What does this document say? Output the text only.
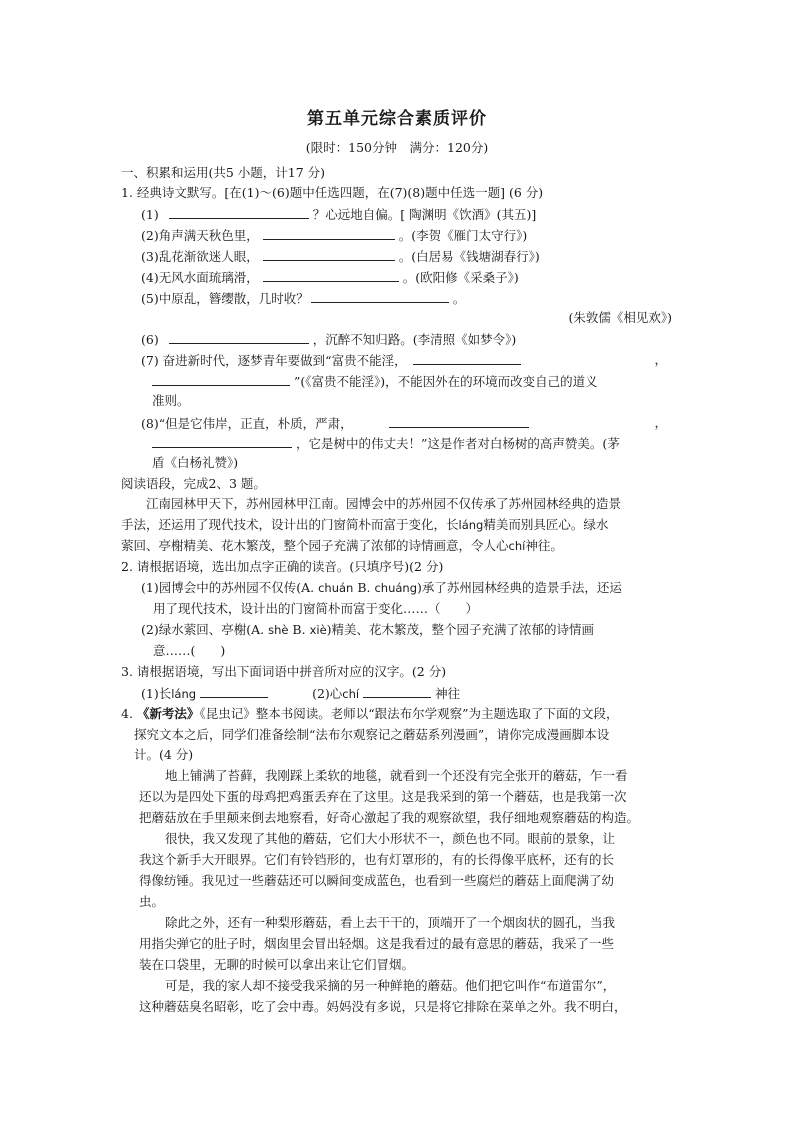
第五单元综合素质评价
(限时：150分钟　满分：120分)
一、积累和运用(共5 小题，计17 分)
1. 经典诗文默写。[在(1)～(6)题中任选四题，在(7)(8)题中任选一题] (6 分)
(1)	？心远地自偏。[ 陶渊明《饮酒》(其五)]
(2)角声满天秋色里，	。(李贺《雁门太守行》)
(3)乱花渐欲迷人眼，	。(白居易《钱塘湖春行》)
(4)无风水面琉璃滑，	。(欧阳修《采桑子》)
(5)中原乱，簪缨散，几时收？	。
(朱敦儒《相见欢》)
(6)	，沉醉不知归路。(李清照《如梦令》)
(7) 奋进新时代，逐梦青年要做到“富贵不能淫，	，
”(《富贵不能淫》)，不能因外在的环境而改变自己的道义
准则。
(8)“但是它伟岸，正直，朴质，严肃，	，
，它是树中的伟丈夫！”这是作者对白杨树的高声赞美。(茅
盾《白杨礼赞》)
阅读语段，完成2、3 题。
江南园林甲天下，苏州园林甲江南。园博会中的苏州园不仅传承了苏州园林经典的造景
手法，还运用了现代技术，设计出的门窗简朴而富于变化，长láng精美而别具匠心。绿水
萦回、亭榭精美、花木繁茂，整个园子充满了浓郁的诗情画意，令人心chí神往。
2. 请根据语境，选出加点字正确的读音。(只填序号)(2 分)
(1)园博会中的苏州园不仅传(A. chuán B. chuáng)承了苏州园林经典的造景手法，还运
用了现代技术，设计出的门窗简朴而富于变化……（　　）
(2)绿水萦回、亭榭(A. shè B. xiè)精美、花木繁茂，整个园子充满了浓郁的诗情画
意……(　　)
3. 请根据语境，写出下面词语中拼音所对应的汉字。(2 分)
(1)长láng	(2)心chí	神往
4. 《新考法》《昆虫记》整本书阅读。老师以“跟法布尔学观察”为主题选取了下面的文段，
探究文本之后，同学们准备绘制“法布尔观察记之蘑菇系列漫画”，请你完成漫画脚本设
计。(4 分)
地上铺满了苔藓，我刚踩上柔软的地毯，就看到一个还没有完全张开的蘑菇，乍一看
还以为是四处下蛋的母鸡把鸡蛋丢弃在了这里。这是我采到的第一个蘑菇，也是我第一次
把蘑菇放在手里颠来倒去地察看，好奇心激起了我的观察欲望，我仔细地观察蘑菇的构造。
很快，我又发现了其他的蘑菇，它们大小形状不一，颜色也不同。眼前的景象，让
我这个新手大开眼界。它们有铃铛形的，也有灯罩形的，有的长得像平底杯，还有的长
得像纺锤。我见过一些蘑菇还可以瞬间变成蓝色，也看到一些腐烂的蘑菇上面爬满了幼
虫。
除此之外，还有一种梨形蘑菇，看上去干干的，顶端开了一个烟囱状的圆孔，当我
用指尖弹它的肚子时，烟囱里会冒出轻烟。这是我看过的最有意思的蘑菇，我采了一些
装在口袋里，无聊的时候可以拿出来让它们冒烟。
可是，我的家人却不接受我采摘的另一种鲜艳的蘑菇。他们把它叫作“布道雷尔”，
这种蘑菇臭名昭彰，吃了会中毒。妈妈没有多说，只是将它排除在菜单之外。我不明白，
